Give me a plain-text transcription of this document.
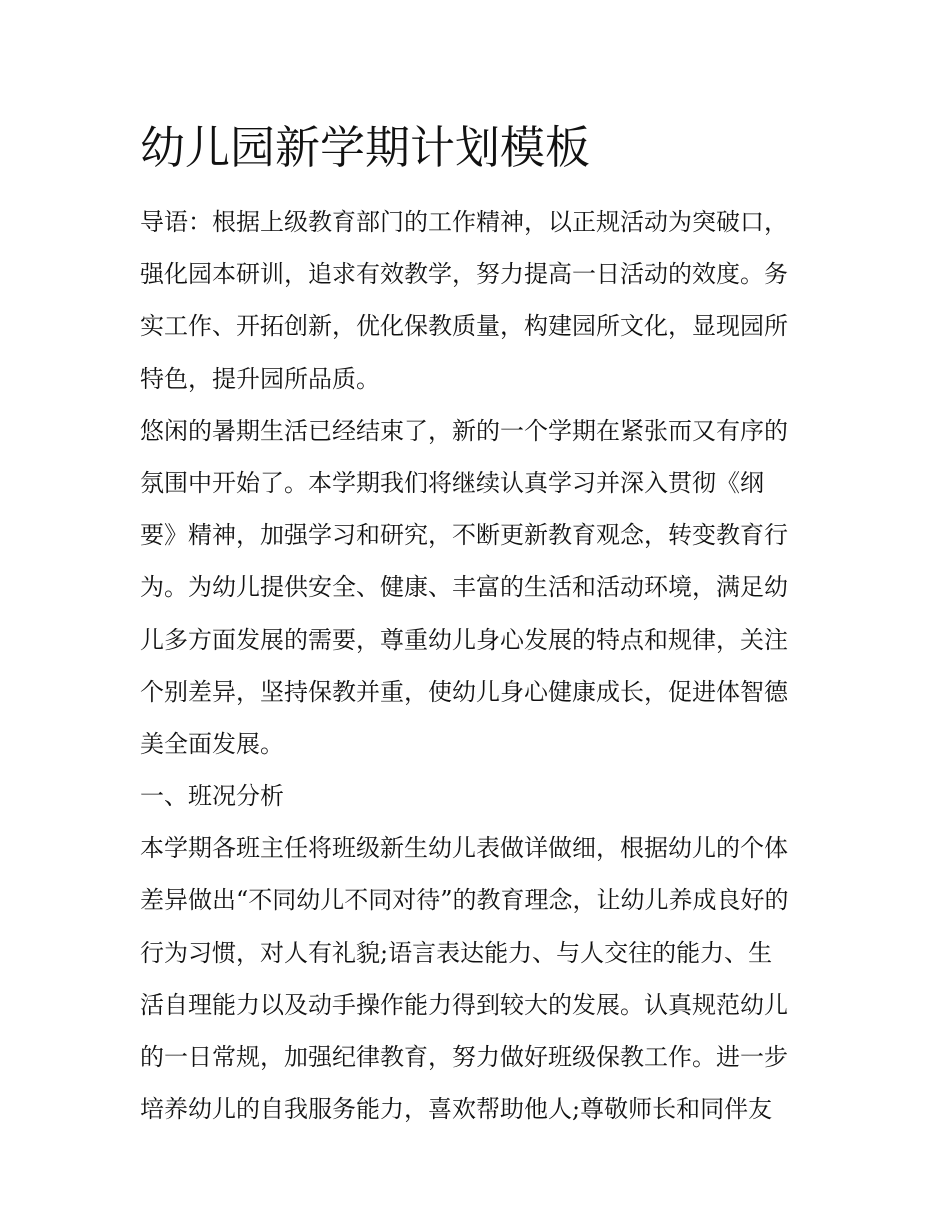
幼儿园新学期计划模板
导语：根据上级教育部门的工作精神，以正规活动为突破口，
强化园本研训，追求有效教学，努力提高一日活动的效度。务
实工作、开拓创新，优化保教质量，构建园所文化，显现园所
特色，提升园所品质。
悠闲的暑期生活已经结束了，新的一个学期在紧张而又有序的
氛围中开始了。本学期我们将继续认真学习并深入贯彻《纲
要》精神，加强学习和研究，不断更新教育观念，转变教育行
为。为幼儿提供安全、健康、丰富的生活和活动环境，满足幼
儿多方面发展的需要，尊重幼儿身心发展的特点和规律，关注
个别差异，坚持保教并重，使幼儿身心健康成长，促进体智德
美全面发展。
一、班况分析
本学期各班主任将班级新生幼儿表做详做细，根据幼儿的个体
差异做出“不同幼儿不同对待”的教育理念，让幼儿养成良好的
行为习惯，对人有礼貌;语言表达能力、与人交往的能力、生
活自理能力以及动手操作能力得到较大的发展。认真规范幼儿
的一日常规，加强纪律教育，努力做好班级保教工作。进一步
培养幼儿的自我服务能力，喜欢帮助他人;尊敬师长和同伴友
